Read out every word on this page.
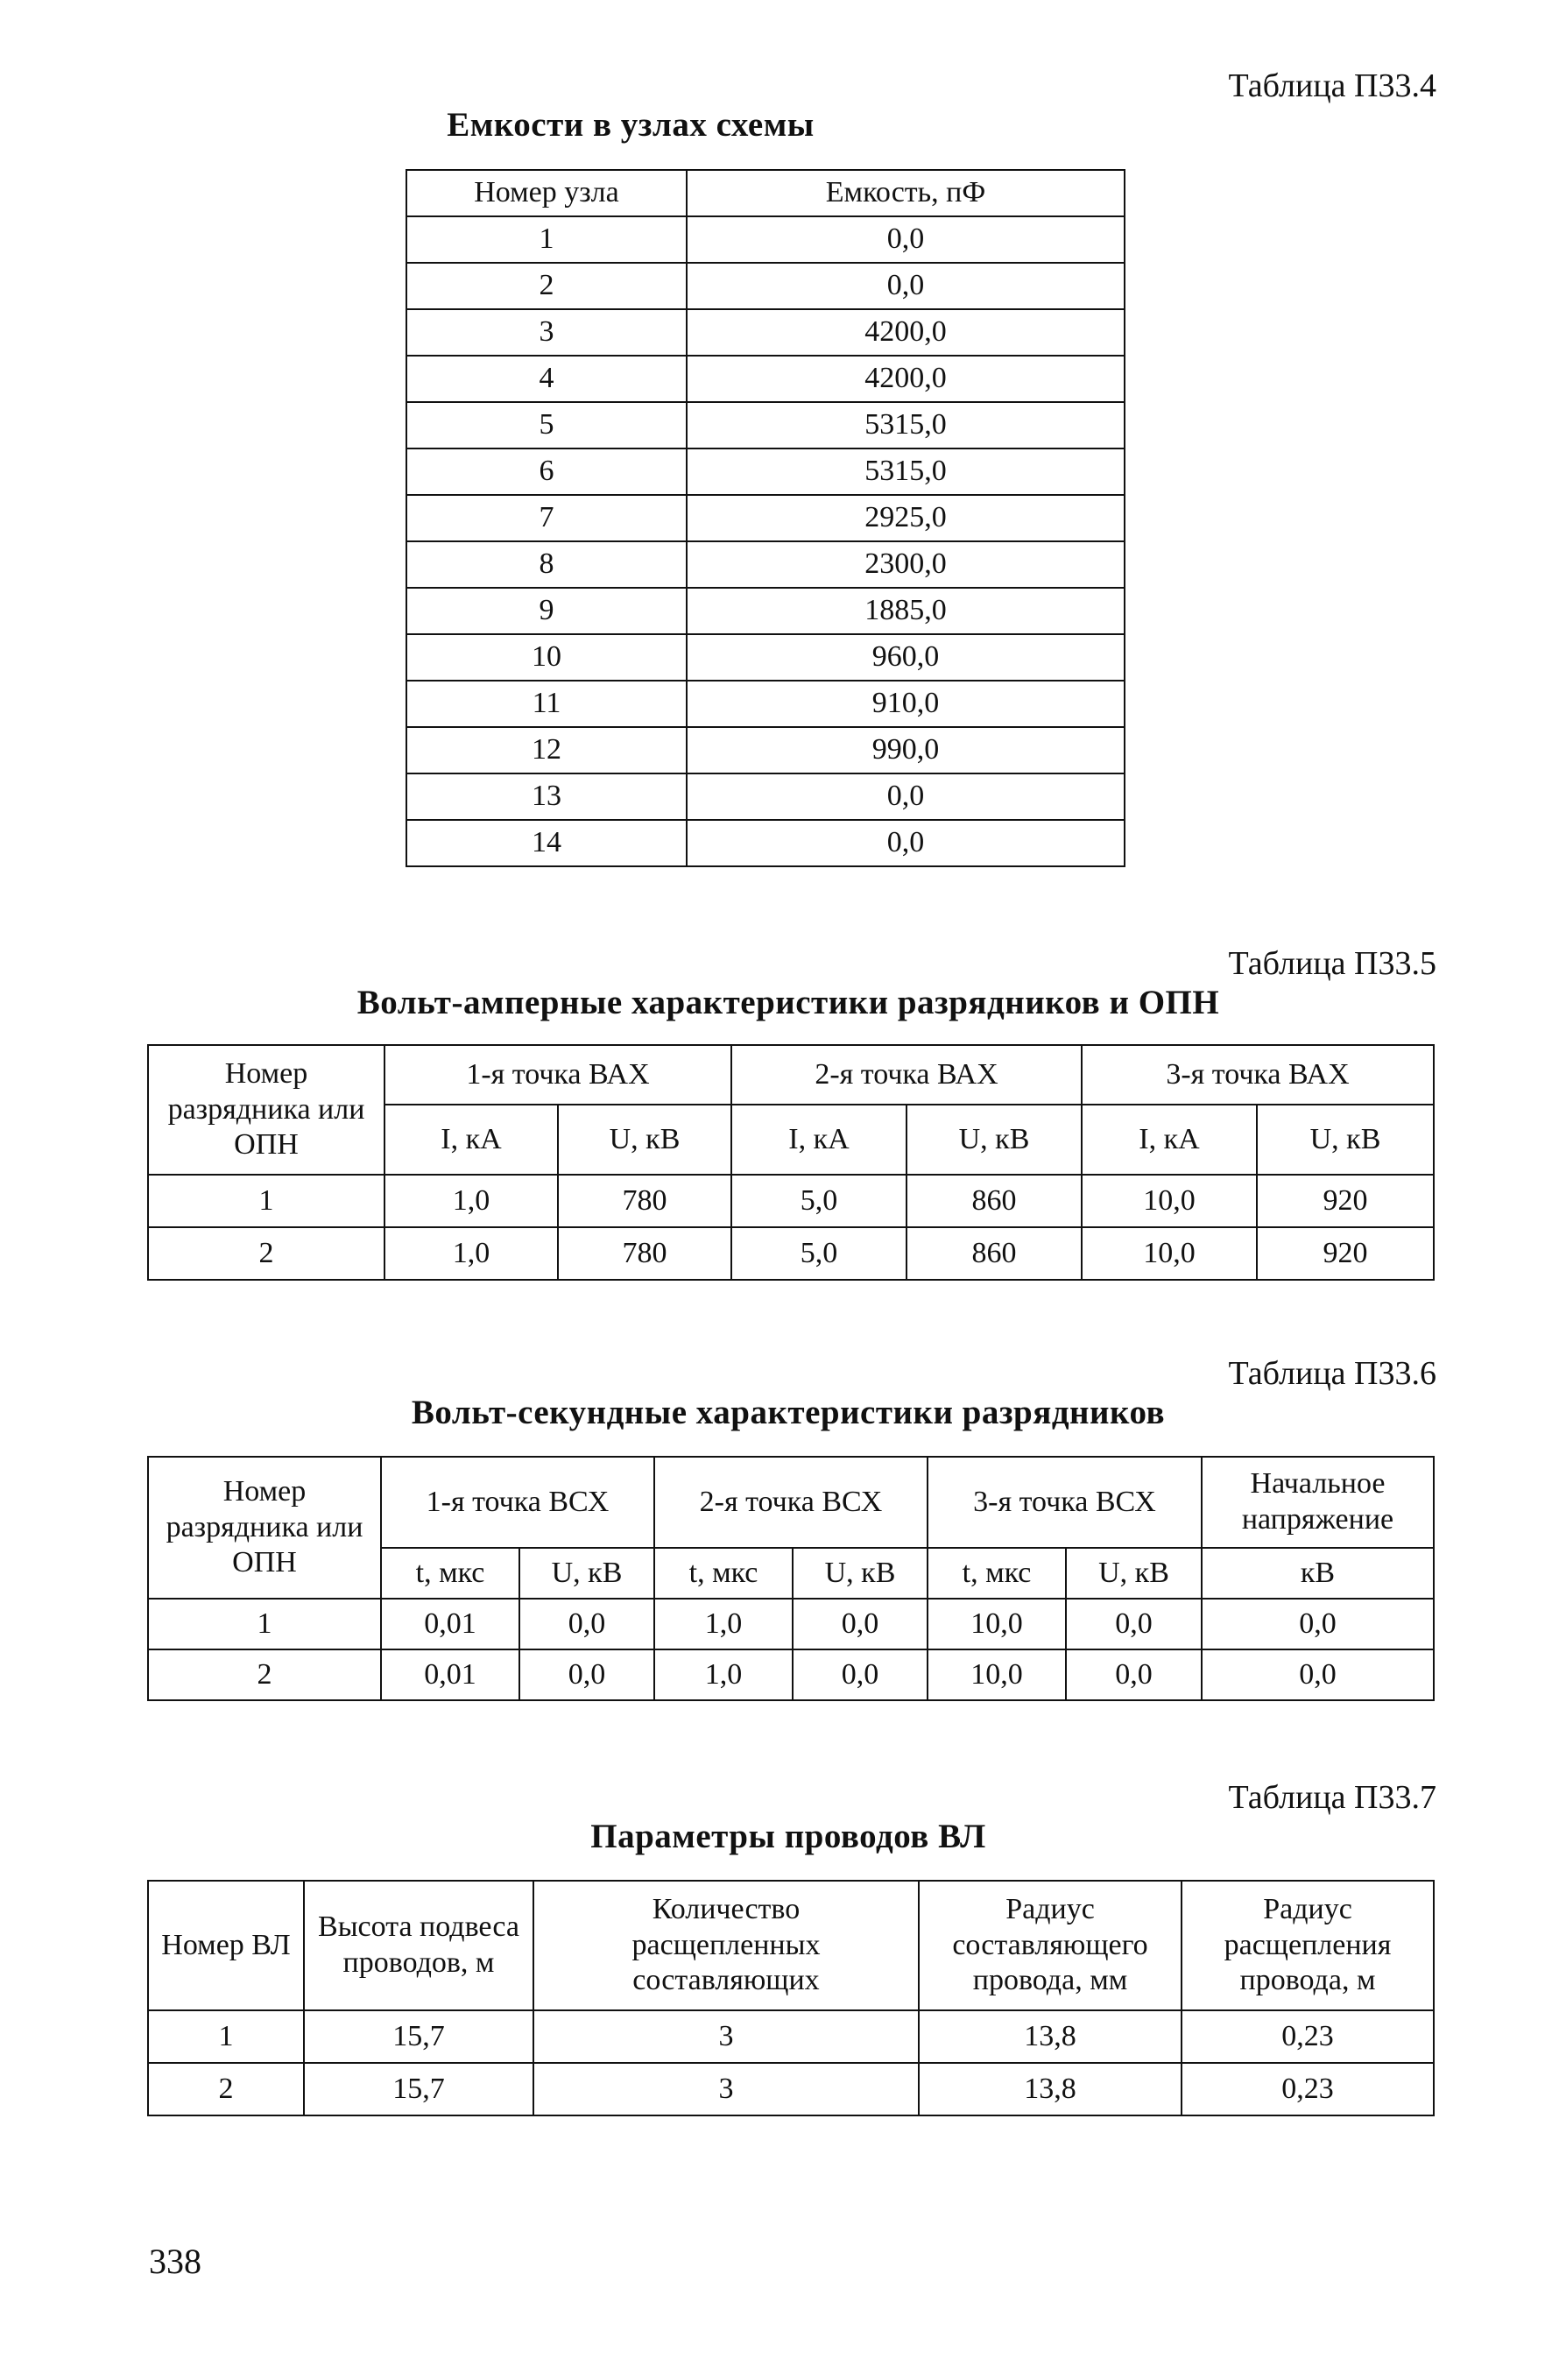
Таблица П33.4
Емкости в узлах схемы
Номер узла	Емкость, пФ
1	0,0
2	0,0
3	4200,0
4	4200,0
5	5315,0
6	5315,0
7	2925,0
8	2300,0
9	1885,0
10	960,0
11	910,0
12	990,0
13	0,0
14	0,0
Таблица П33.5
Вольт-амперные характеристики разрядников и ОПН
Номер разрядника или ОПН	1-я точка ВАХ		2-я точка ВАХ		3-я точка ВАХ	
	I, кА	U, кВ	I, кА	U, кВ	I, кА	U, кВ
1	1,0	780	5,0	860	10,0	920
2	1,0	780	5,0	860	10,0	920
Таблица П33.6
Вольт-секундные характеристики разрядников
Номер разрядника или ОПН	1-я точка ВСХ		2-я точка ВСХ		3-я точка ВСХ		Начальное напряжение
	t, мкс	U, кВ	t, мкс	U, кВ	t, мкс	U, кВ	кВ
1	0,01	0,0	1,0	0,0	10,0	0,0	0,0
2	0,01	0,0	1,0	0,0	10,0	0,0	0,0
Таблица П33.7
Параметры проводов ВЛ
Номер ВЛ	Высота подвеса проводов, м	Количество расщепленных составляющих	Радиус составляющего провода, мм	Радиус расщепления провода, м
1	15,7	3	13,8	0,23
2	15,7	3	13,8	0,23
338
